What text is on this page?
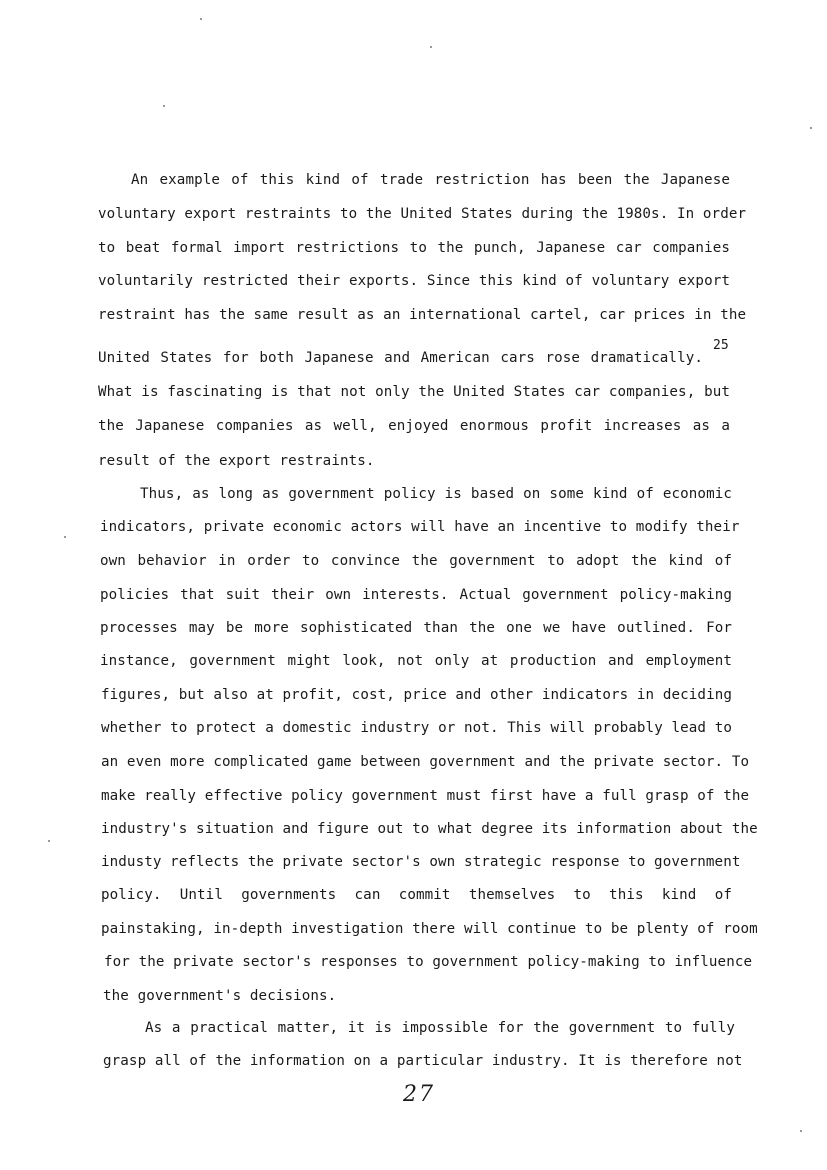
An example of this kind of trade restriction has been the Japanese
voluntary export restraints to the United States during the 1980s. In order
to beat formal import restrictions to the punch, Japanese car companies
voluntarily restricted their exports. Since this kind of voluntary export
restraint has the same result as an international cartel, car prices in the
United States for both Japanese and American cars rose dramatically.
25
What is fascinating is that not only the United States car companies, but
the Japanese companies as well, enjoyed enormous profit increases as a
result of the export restraints.
Thus, as long as government policy is based on some kind of economic
indicators, private economic actors will have an incentive to modify their
own behavior in order to convince the government to adopt the kind of
policies that suit their own interests. Actual government policy-making
processes may be more sophisticated than the one we have outlined. For
instance, government might look, not only at production and employment
figures, but also at profit, cost, price and other indicators in deciding
whether to protect a domestic industry or not. This will probably lead to
an even more complicated game between government and the private sector. To
make really effective policy government must first have a full grasp of the
industry's situation and figure out to what degree its information about the
industy reflects the private sector's own strategic response to government
policy. Until governments can commit themselves to this kind of
painstaking, in-depth investigation there will continue to be plenty of room
for the private sector's responses to government policy-making to influence
the government's decisions.
As a practical matter, it is impossible for the government to fully
grasp all of the information on a particular industry. It is therefore not
27
